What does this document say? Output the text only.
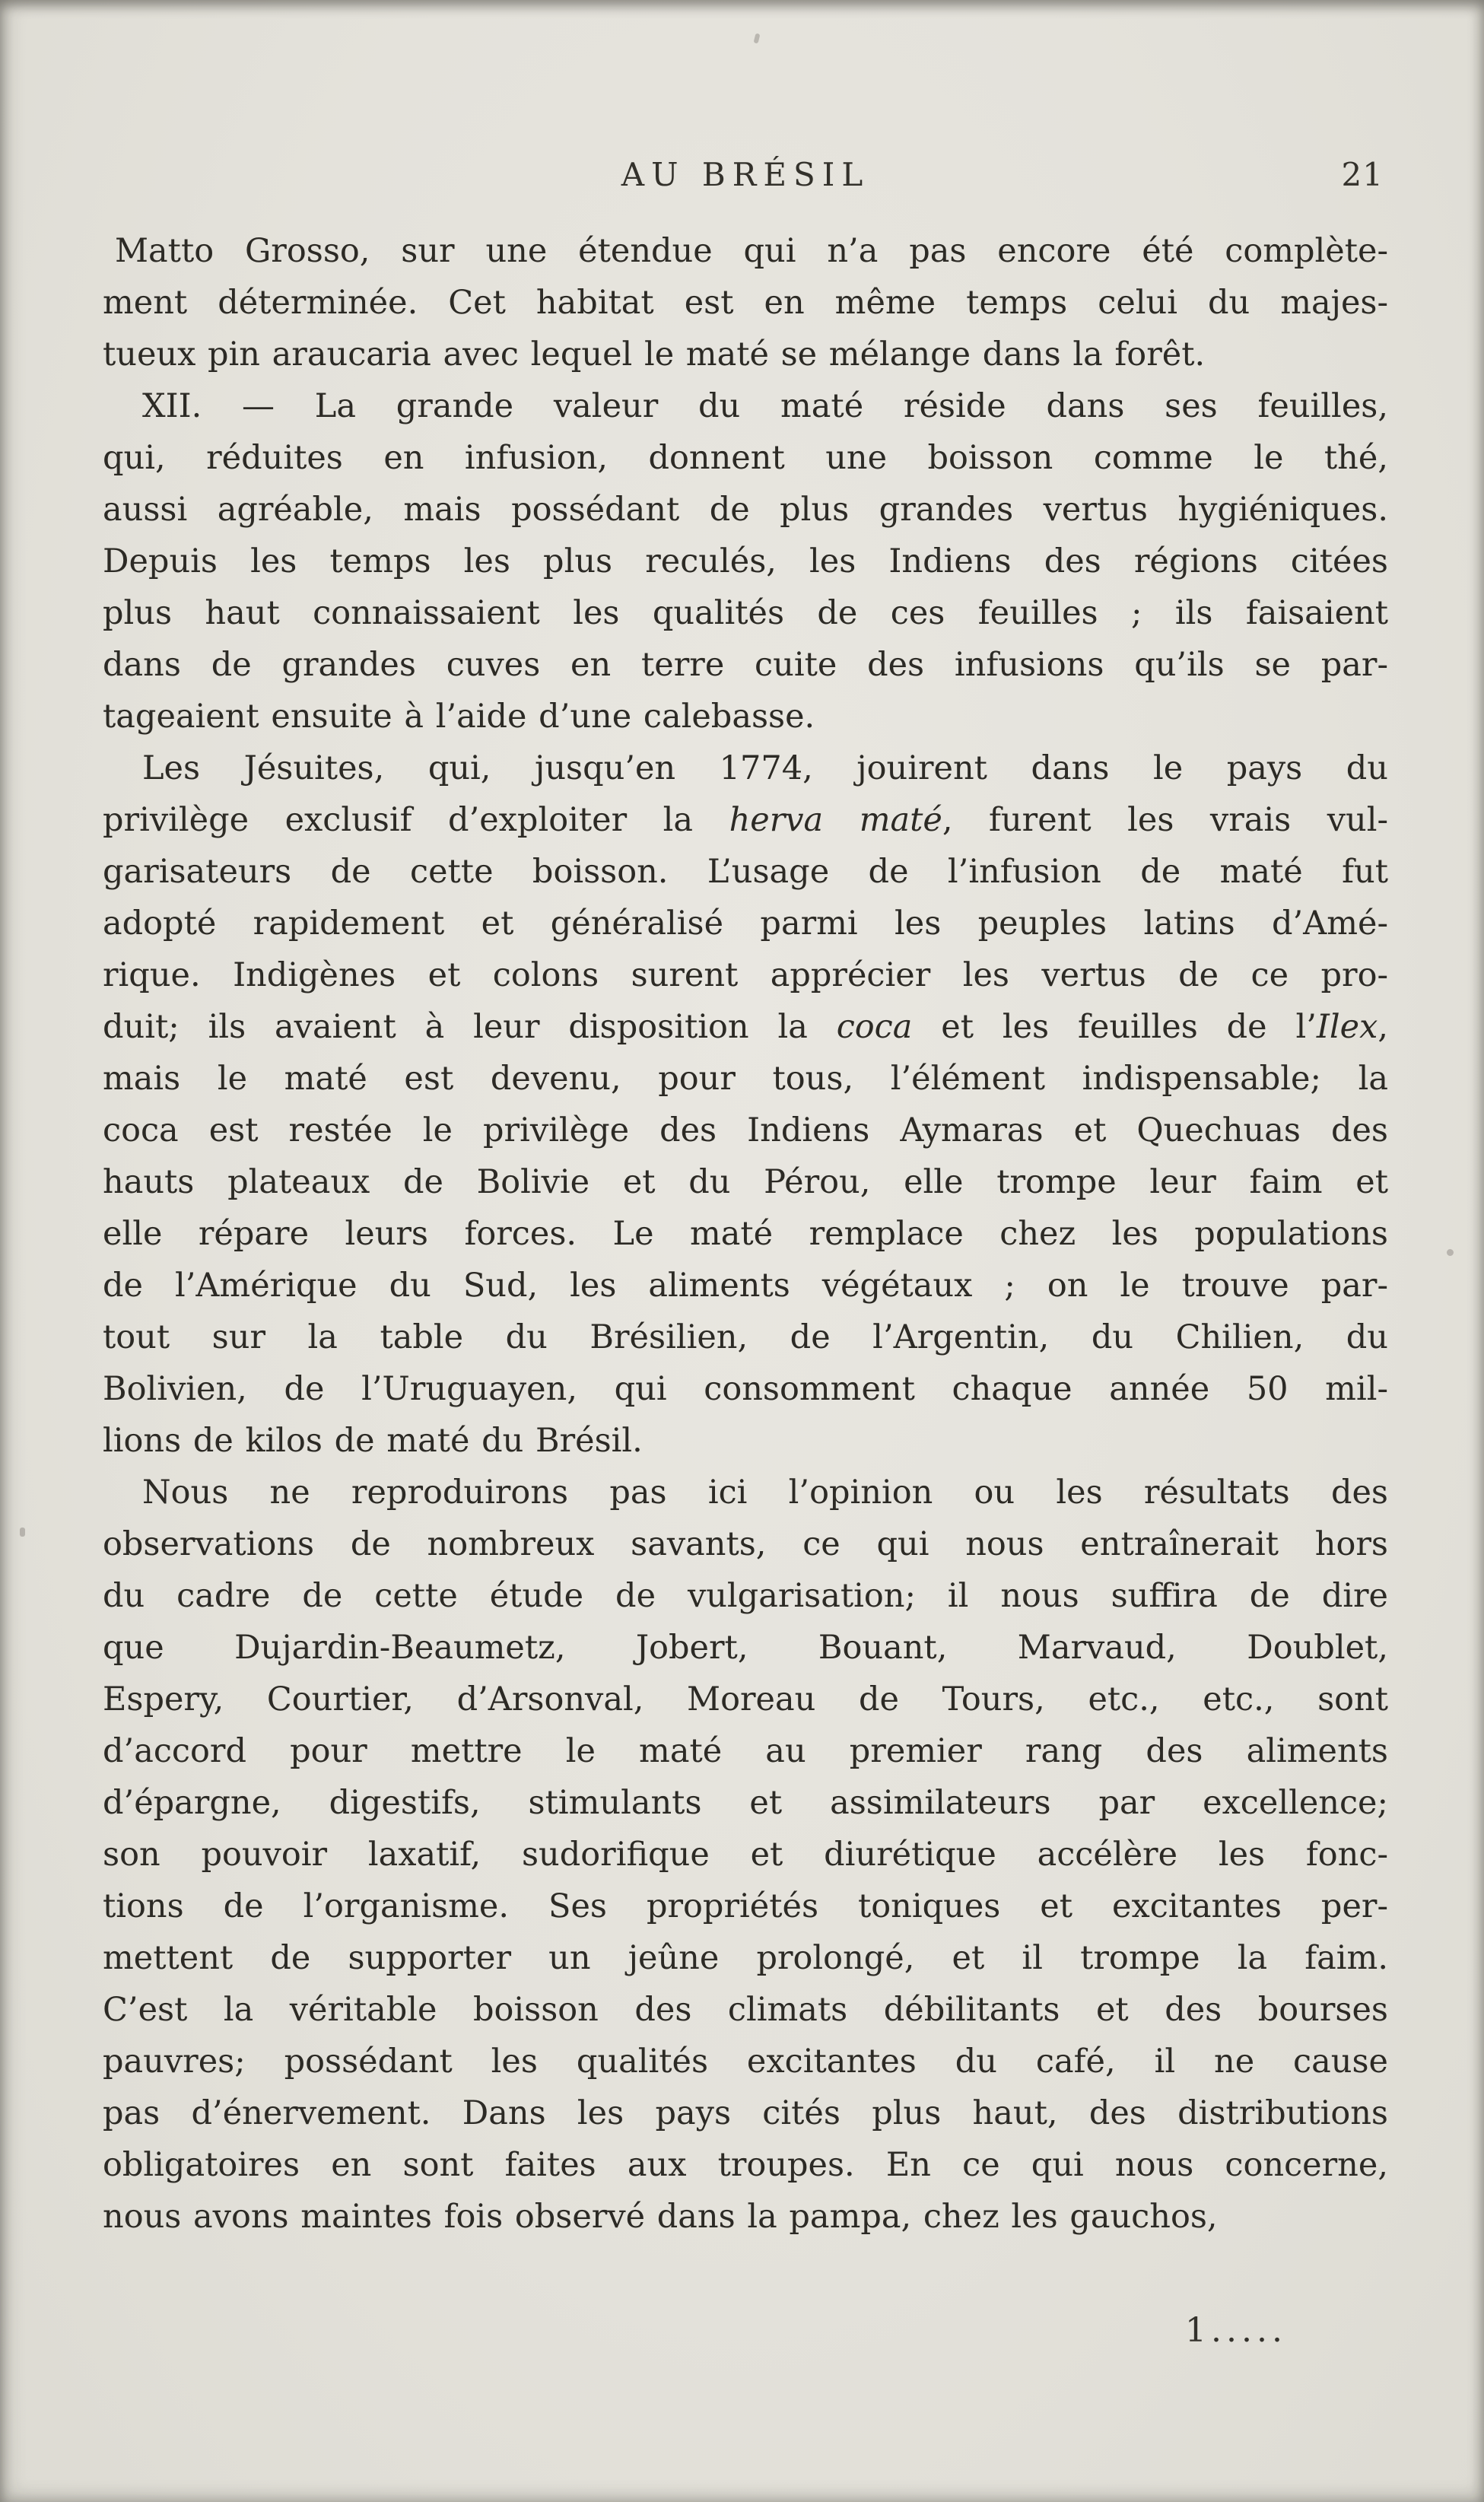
AU BRÉSIL	21
Matto Grosso, sur une étendue qui n’a pas encore été complète-
ment déterminée. Cet habitat est en même temps celui du majes-
tueux pin araucaria avec lequel le maté se mélange dans la forêt.
XII. — La grande valeur du maté réside dans ses feuilles,
qui, réduites en infusion, donnent une boisson comme le thé,
aussi agréable, mais possédant de plus grandes vertus hygiéniques.
Depuis les temps les plus reculés, les Indiens des régions citées
plus haut connaissaient les qualités de ces feuilles ; ils faisaient
dans de grandes cuves en terre cuite des infusions qu’ils se par-
tageaient ensuite à l’aide d’une calebasse.
Les Jésuites, qui, jusqu’en 1774, jouirent dans le pays du
privilège exclusif d’exploiter la herva maté, furent les vrais vul-
garisateurs de cette boisson. L’usage de l’infusion de maté fut
adopté rapidement et généralisé parmi les peuples latins d’Amé-
rique. Indigènes et colons surent apprécier les vertus de ce pro-
duit; ils avaient à leur disposition la coca et les feuilles de l’Ilex,
mais le maté est devenu, pour tous, l’élément indispensable; la
coca est restée le privilège des Indiens Aymaras et Quechuas des
hauts plateaux de Bolivie et du Pérou, elle trompe leur faim et
elle répare leurs forces. Le maté remplace chez les populations
de l’Amérique du Sud, les aliments végétaux ; on le trouve par-
tout sur la table du Brésilien, de l’Argentin, du Chilien, du
Bolivien, de l’Uruguayen, qui consomment chaque année 50 mil-
lions de kilos de maté du Brésil.
Nous ne reproduirons pas ici l’opinion ou les résultats des
observations de nombreux savants, ce qui nous entraînerait hors
du cadre de cette étude de vulgarisation; il nous suffira de dire
que Dujardin-Beaumetz, Jobert, Bouant, Marvaud, Doublet,
Espery, Courtier, d’Arsonval, Moreau de Tours, etc., etc., sont
d’accord pour mettre le maté au premier rang des aliments
d’épargne, digestifs, stimulants et assimilateurs par excellence;
son pouvoir laxatif, sudorifique et diurétique accélère les fonc-
tions de l’organisme. Ses propriétés toniques et excitantes per-
mettent de supporter un jeûne prolongé, et il trompe la faim.
C’est la véritable boisson des climats débilitants et des bourses
pauvres; possédant les qualités excitantes du café, il ne cause
pas d’énervement. Dans les pays cités plus haut, des distributions
obligatoires en sont faites aux troupes. En ce qui nous concerne,
nous avons maintes fois observé dans la pampa, chez les gauchos,
1.....
